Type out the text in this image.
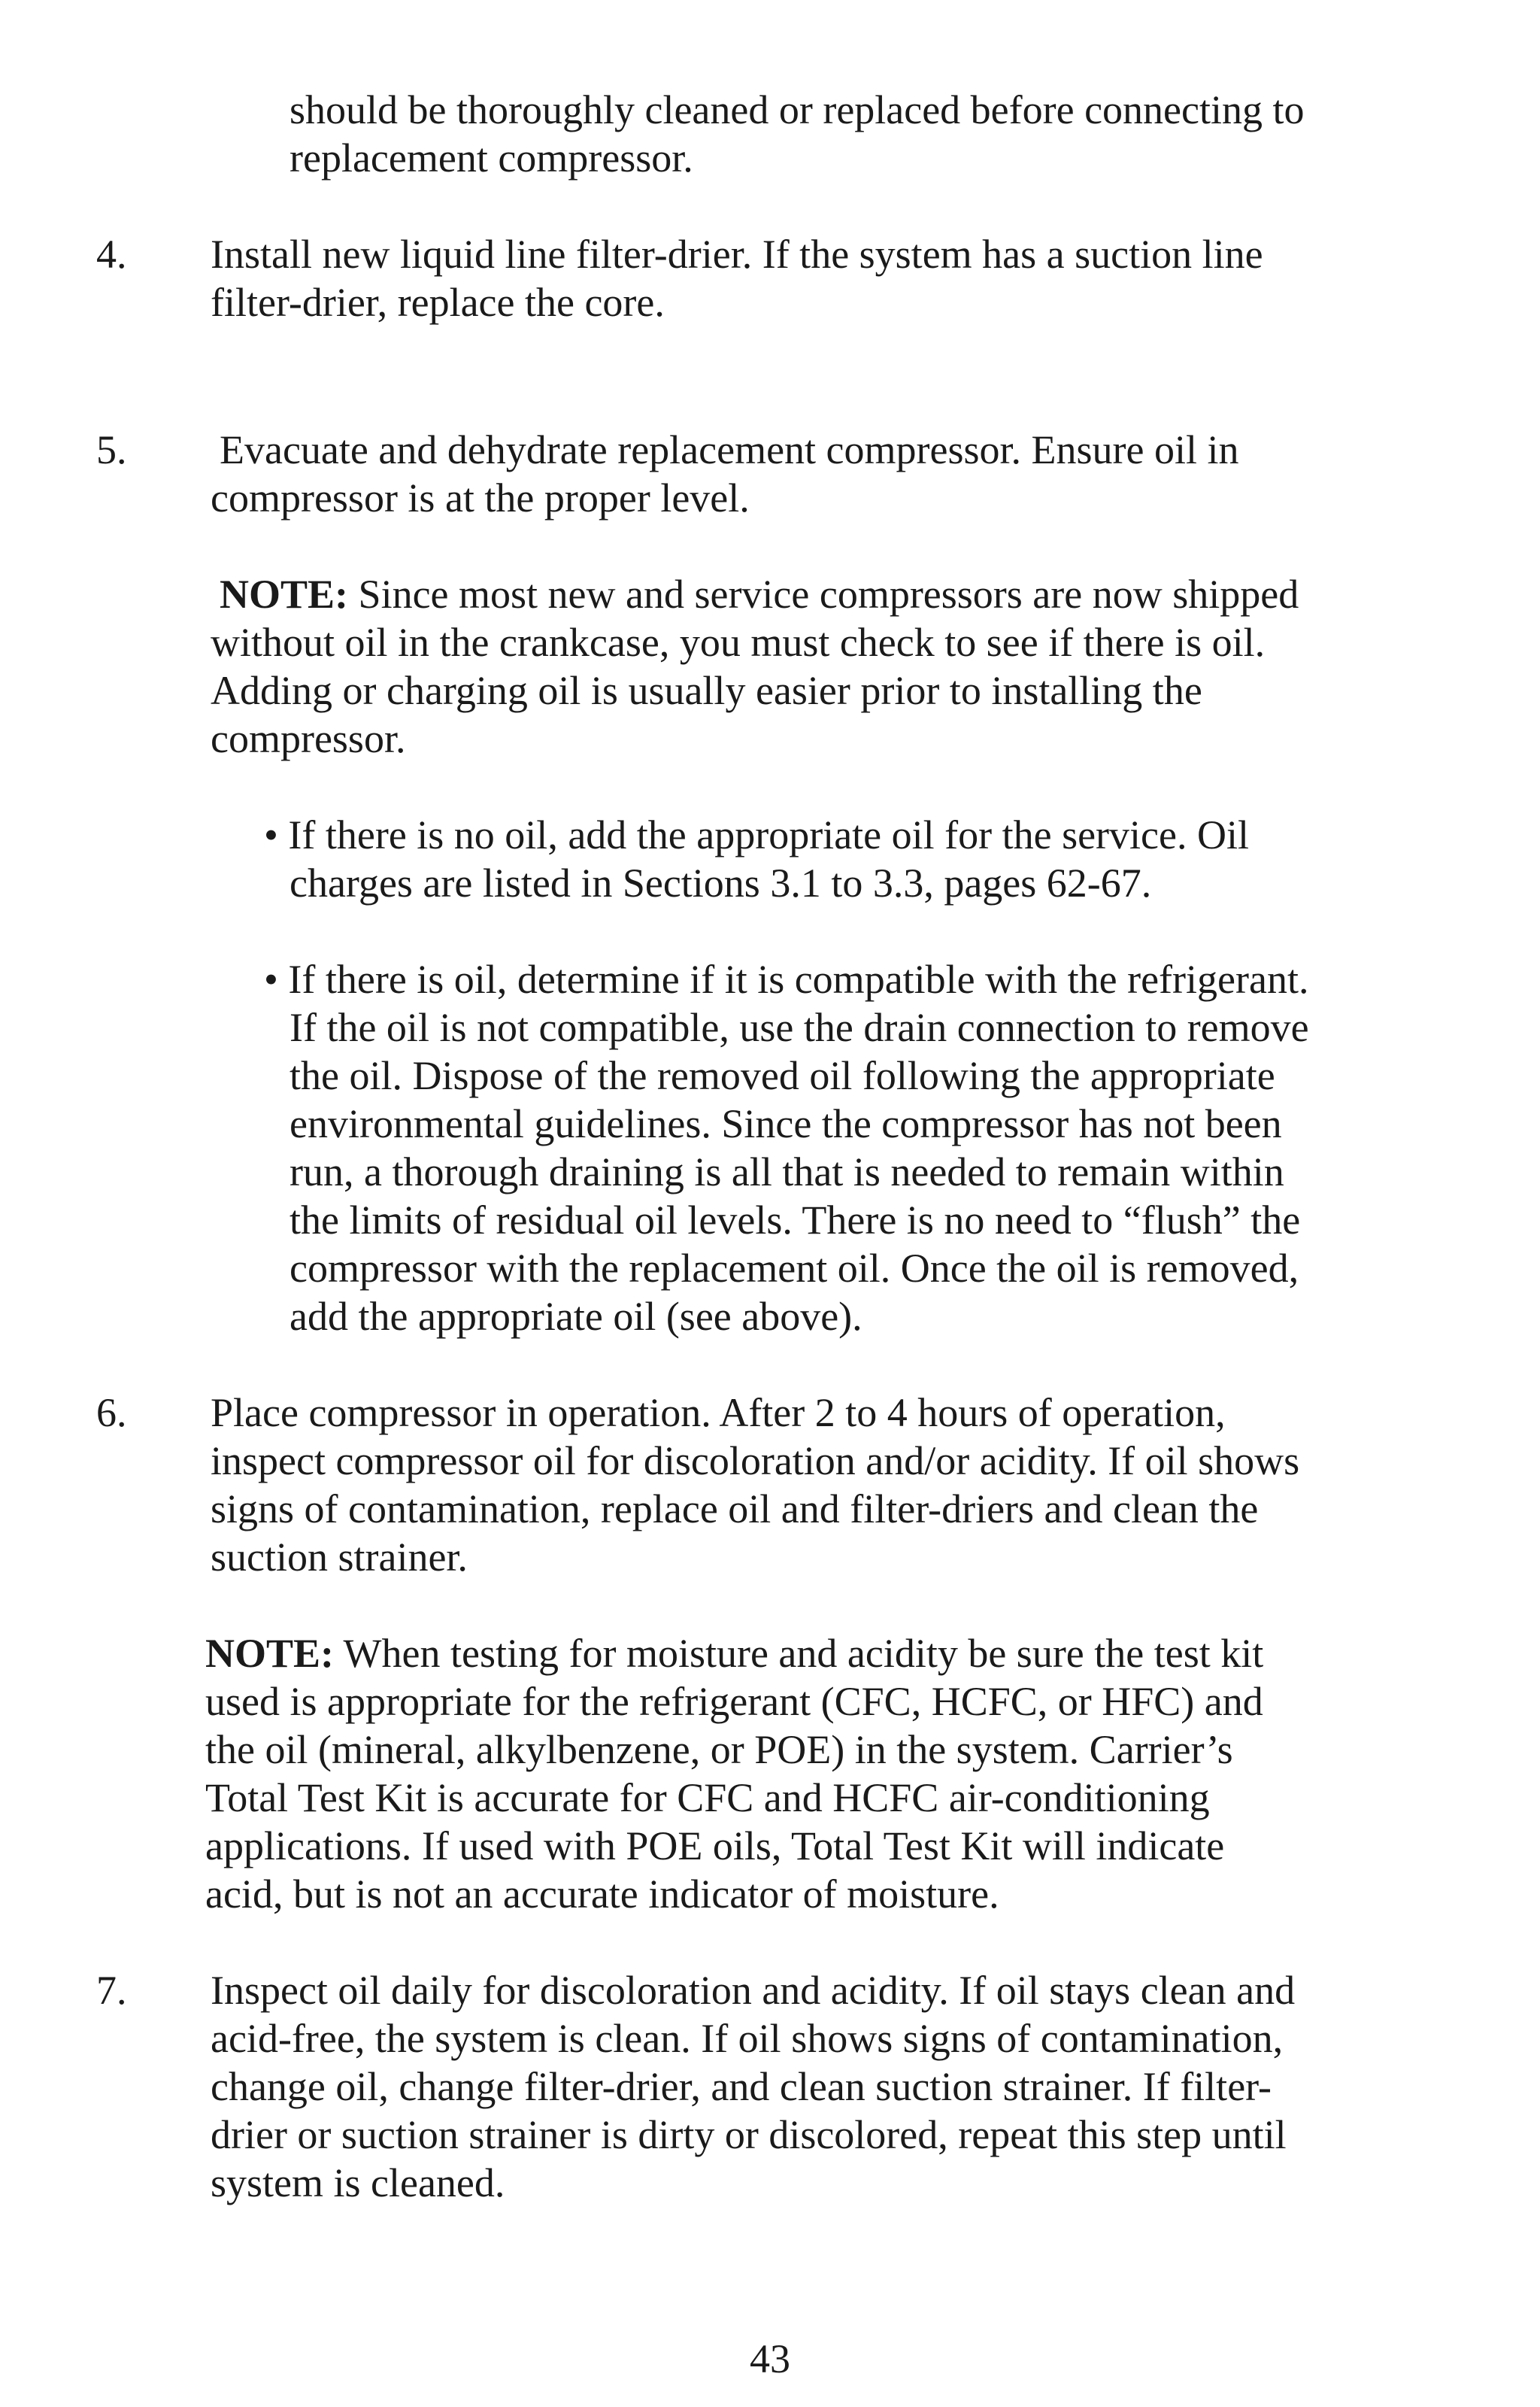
should be thoroughly cleaned or replaced before connecting to
replacement compressor.
4. Install new liquid line filter-drier. If the system has a suction line
filter-drier, replace the core.
5. Evacuate and dehydrate replacement compressor. Ensure oil in
compressor is at the proper level.
NOTE: Since most new and service compressors are now shipped
without oil in the crankcase, you must check to see if there is oil.
Adding or charging oil is usually easier prior to installing the
compressor.
• If there is no oil, add the appropriate oil for the service. Oil
charges are listed in Sections 3.1 to 3.3, pages 62-67.
• If there is oil, determine if it is compatible with the refrigerant.
If the oil is not compatible, use the drain connection to remove
the oil. Dispose of the removed oil following the appropriate
environmental guidelines. Since the compressor has not been
run, a thorough draining is all that is needed to remain within
the limits of residual oil levels. There is no need to “flush” the
compressor with the replacement oil. Once the oil is removed,
add the appropriate oil (see above).
6. Place compressor in operation. After 2 to 4 hours of operation,
inspect compressor oil for discoloration and/or acidity. If oil shows
signs of contamination, replace oil and filter-driers and clean the
suction strainer.
NOTE: When testing for moisture and acidity be sure the test kit
used is appropriate for the refrigerant (CFC, HCFC, or HFC) and
the oil (mineral, alkylbenzene, or POE) in the system. Carrier’s
Total Test Kit is accurate for CFC and HCFC air-conditioning
applications. If used with POE oils, Total Test Kit will indicate
acid, but is not an accurate indicator of moisture.
7. Inspect oil daily for discoloration and acidity. If oil stays clean and
acid-free, the system is clean. If oil shows signs of contamination,
change oil, change filter-drier, and clean suction strainer. If filter-
drier or suction strainer is dirty or discolored, repeat this step until
system is cleaned.
43
